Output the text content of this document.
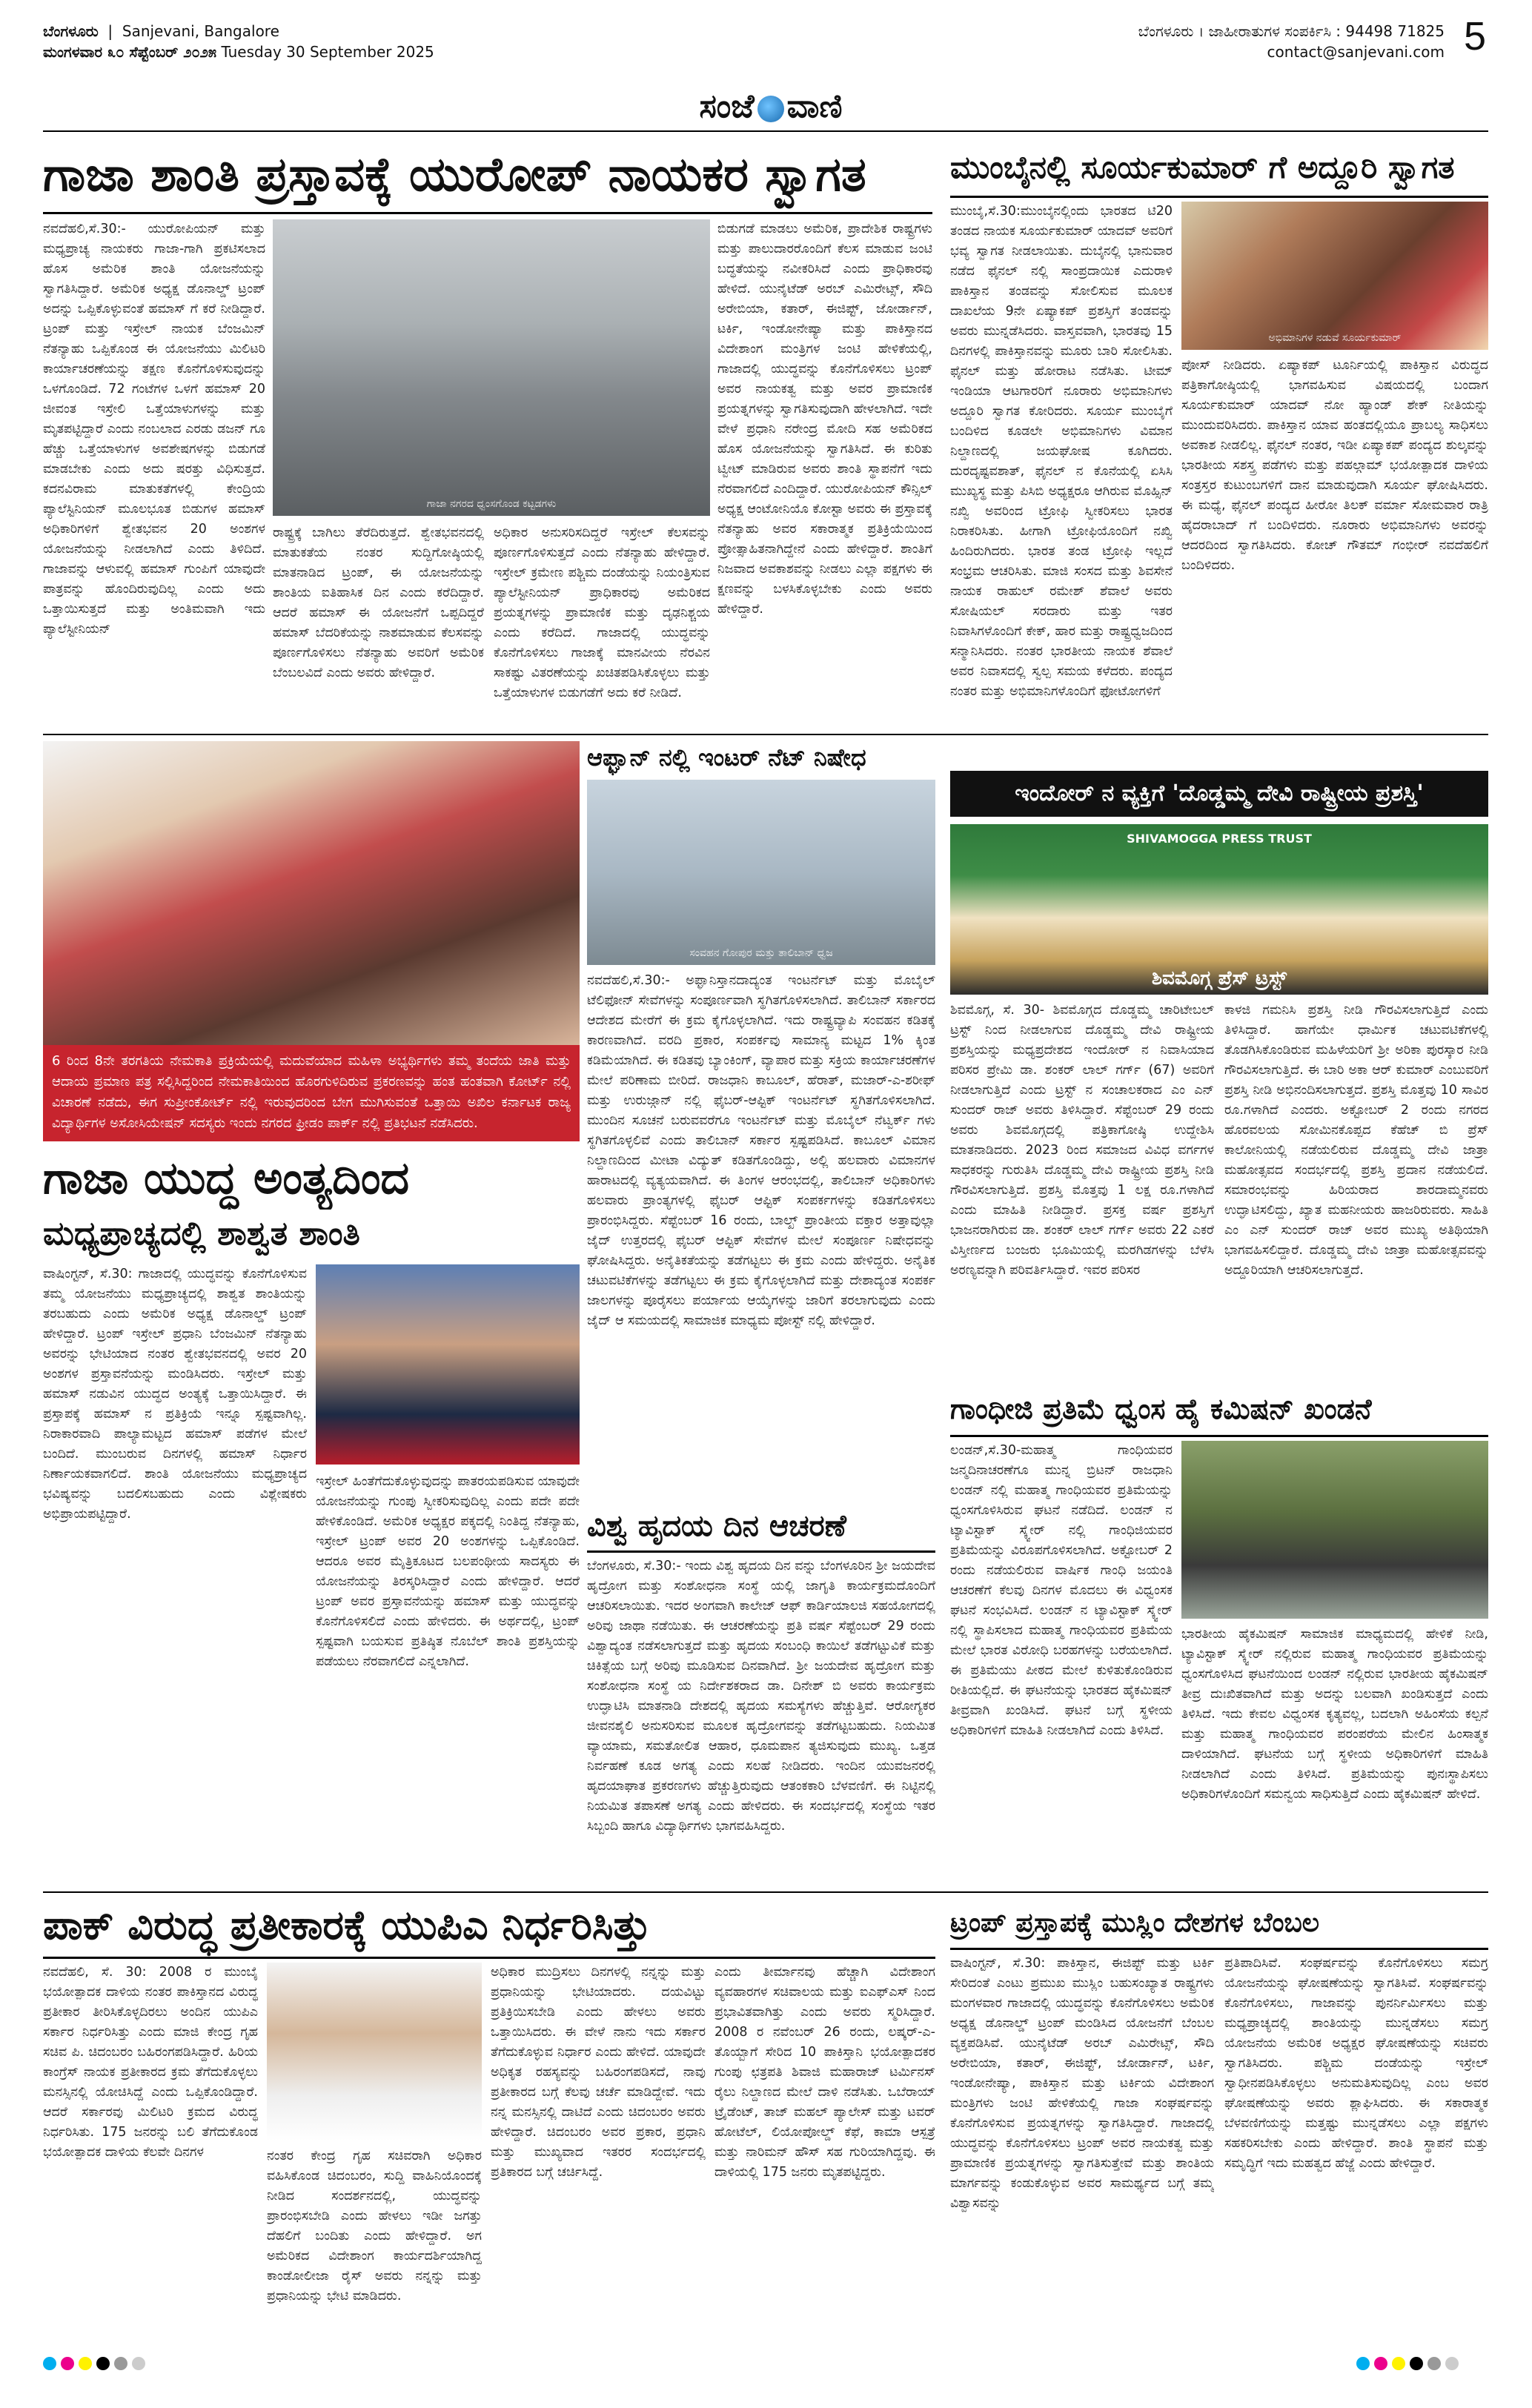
ಬೆಂಗಳೂರು  |  Sanjevani, Bangalore
ಮಂಗಳವಾರ ೩೦ ಸೆಪ್ಟೆಂಬರ್ ೨೦೨೫ Tuesday 30 September 2025
ಸಂಜೆ ವಾಣಿ
ಬೆಂಗಳೂರು । ಜಾಹೀರಾತುಗಳ ಸಂಪರ್ಕಿಸಿ : 94498 71825
contact@sanjevani.com 5
ಗಾಜಾ ಶಾಂತಿ ಪ್ರಸ್ತಾವಕ್ಕೆ ಯುರೋಪ್ ನಾಯಕರ ಸ್ವಾಗತ
ನವದೆಹಲಿ,ಸೆ.30:- ಯುರೋಪಿಯನ್ ಮತ್ತು ಮಧ್ಯಪ್ರಾಚ್ಯ ನಾಯಕರು ಗಾಜಾ-ಗಾಗಿ ಪ್ರಕಟಿಸಲಾದ ಹೊಸ ಅಮೆರಿಕ ಶಾಂತಿ ಯೋಜನೆಯನ್ನು ಸ್ವಾಗತಿಸಿದ್ದಾರೆ. ಅಮೆರಿಕ ಅಧ್ಯಕ್ಷ ಡೊನಾಲ್ಡ್ ಟ್ರಂಪ್ ಅದನ್ನು ಒಪ್ಪಿಕೊಳ್ಳುವಂತೆ ಹಮಾಸ್ ಗೆ ಕರೆ ನೀಡಿದ್ದಾರೆ. ಟ್ರಂಪ್ ಮತ್ತು ಇಸ್ರೇಲ್ ನಾಯಕ ಬೆಂಜಮಿನ್ ನೆತನ್ಯಾಹು ಒಪ್ಪಿಕೊಂಡ ಈ ಯೋಜನೆಯು ಮಿಲಿಟರಿ ಕಾರ್ಯಾಚರಣೆಯನ್ನು ತಕ್ಷಣ ಕೊನೆಗೊಳಿಸುವುದನ್ನು ಒಳಗೊಂಡಿದೆ. 72 ಗಂಟೆಗಳ ಒಳಗೆ ಹಮಾಸ್ 20 ಜೀವಂತ ಇಸ್ರೇಲಿ ಒತ್ತೆಯಾಳುಗಳನ್ನು ಮತ್ತು ಮೃತಪಟ್ಟಿದ್ದಾರೆ ಎಂದು ನಂಬಲಾದ ಎರಡು ಡಜನ್ ಗೂ ಹೆಚ್ಚು ಒತ್ತೆಯಾಳುಗಳ ಅವಶೇಷಗಳನ್ನು ಬಿಡುಗಡೆ ಮಾಡಬೇಕು ಎಂದು ಅದು ಷರತ್ತು ವಿಧಿಸುತ್ತದೆ. ಕದನವಿರಾಮ ಮಾತುಕತೆಗಳಲ್ಲಿ ಕೇಂದ್ರಿಯ ಪ್ಯಾಲೆಸ್ಟಿನಿಯನ್ ಮೂಲಭೂತ ಬಿಡುಗಳ ಹಮಾಸ್ ಅಧಿಕಾರಿಗಳಿಗೆ ಶ್ವೇತಭವನ 20 ಅಂಶಗಳ ಯೋಜನೆಯನ್ನು ನೀಡಲಾಗಿದೆ ಎಂದು ತಿಳಿದಿದೆ. ಗಾಜಾವನ್ನು ಆಳುವಲ್ಲಿ ಹಮಾಸ್ ಗುಂಪಿಗೆ ಯಾವುದೇ ಪಾತ್ರವನ್ನು ಹೊಂದಿರುವುದಿಲ್ಲ ಎಂದು ಅದು ಒತ್ತಾಯಿಸುತ್ತದೆ ಮತ್ತು ಅಂತಿಮವಾಗಿ ಇದು ಪ್ಯಾಲೆಸ್ಟೀನಿಯನ್
ಗಾಜಾ ನಗರದ ಧ್ವಂಸಗೊಂಡ ಕಟ್ಟಡಗಳು
ರಾಷ್ಟ್ರಕ್ಕೆ ಬಾಗಿಲು ತೆರೆದಿರುತ್ತದೆ. ಶ್ವೇತಭವನದಲ್ಲಿ ಮಾತುಕತೆಯ ನಂತರ ಸುದ್ದಿಗೋಷ್ಠಿಯಲ್ಲಿ ಮಾತನಾಡಿದ ಟ್ರಂಪ್, ಈ ಯೋಜನೆಯನ್ನು ಶಾಂತಿಯ ಐತಿಹಾಸಿಕ ದಿನ ಎಂದು ಕರೆದಿದ್ದಾರೆ. ಆದರೆ ಹಮಾಸ್ ಈ ಯೋಜನೆಗೆ ಒಪ್ಪದಿದ್ದರೆ ಹಮಾಸ್ ಬೆದರಿಕೆಯನ್ನು ನಾಶಮಾಡುವ ಕೆಲಸವನ್ನು ಪೂರ್ಣಗೊಳಿಸಲು ನೆತನ್ಯಾಹು ಅವರಿಗೆ ಅಮೆರಿಕ ಬೆಂಬಲವಿದೆ ಎಂದು ಅವರು ಹೇಳಿದ್ದಾರೆ.
ಅಧಿಕಾರ ಅನುಸರಿಸದಿದ್ದರೆ ಇಸ್ರೇಲ್ ಕೆಲಸವನ್ನು ಪೂರ್ಣಗೊಳಿಸುತ್ತದೆ ಎಂದು ನೆತನ್ಯಾಹು ಹೇಳಿದ್ದಾರೆ. ಇಸ್ರೇಲ್ ಕ್ರಮೇಣ ಪಶ್ಚಿಮ ದಂಡೆಯನ್ನು ನಿಯಂತ್ರಿಸುವ ಪ್ಯಾಲೆಸ್ಟೀನಿಯನ್ ಪ್ರಾಧಿಕಾರವು ಅಮೆರಿಕದ ಪ್ರಯತ್ನಗಳನ್ನು ಪ್ರಾಮಾಣಿಕ ಮತ್ತು ದೃಢನಿಶ್ಚಯ ಎಂದು ಕರೆದಿದೆ. ಗಾಜಾದಲ್ಲಿ ಯುದ್ಧವನ್ನು ಕೊನೆಗೊಳಿಸಲು ಗಾಜಾಕ್ಕೆ ಮಾನವೀಯ ನೆರವಿನ ಸಾಕಷ್ಟು ವಿತರಣೆಯನ್ನು ಖಚಿತಪಡಿಸಿಕೊಳ್ಳಲು ಮತ್ತು ಒತ್ತೆಯಾಳುಗಳ ಬಿಡುಗಡೆಗೆ ಅದು ಕರೆ ನೀಡಿದೆ.
ಬಿಡುಗಡೆ ಮಾಡಲು ಅಮೆರಿಕ, ಪ್ರಾದೇಶಿಕ ರಾಷ್ಟ್ರಗಳು ಮತ್ತು ಪಾಲುದಾರರೊಂದಿಗೆ ಕೆಲಸ ಮಾಡುವ ಜಂಟಿ ಬದ್ಧತೆಯನ್ನು ನವೀಕರಿಸಿದೆ ಎಂದು ಪ್ರಾಧಿಕಾರವು ಹೇಳಿದೆ. ಯುನೈಟೆಡ್ ಅರಬ್ ಎಮಿರೇಟ್ಸ್, ಸೌದಿ ಅರೇಬಿಯಾ, ಕತಾರ್, ಈಜಿಪ್ಟ್, ಜೋರ್ಡಾನ್, ಟರ್ಕಿ, ಇಂಡೋನೇಷ್ಯಾ ಮತ್ತು ಪಾಕಿಸ್ತಾನದ ವಿದೇಶಾಂಗ ಮಂತ್ರಿಗಳ ಜಂಟಿ ಹೇಳಿಕೆಯಲ್ಲಿ, ಗಾಜಾದಲ್ಲಿ ಯುದ್ಧವನ್ನು ಕೊನೆಗೊಳಿಸಲು ಟ್ರಂಪ್ ಅವರ ನಾಯಕತ್ವ ಮತ್ತು ಅವರ ಪ್ರಾಮಾಣಿಕ ಪ್ರಯತ್ನಗಳನ್ನು ಸ್ವಾಗತಿಸುವುದಾಗಿ ಹೇಳಲಾಗಿದೆ. ಇದೇ ವೇಳೆ ಪ್ರಧಾನಿ ನರೇಂದ್ರ ಮೋದಿ ಸಹ ಅಮೆರಿಕದ ಹೊಸ ಯೋಜನೆಯನ್ನು ಸ್ವಾಗತಿಸಿದೆ. ಈ ಕುರಿತು ಟ್ವೀಟ್ ಮಾಡಿರುವ ಅವರು ಶಾಂತಿ ಸ್ಥಾಪನೆಗೆ ಇದು ನೆರವಾಗಲಿದೆ ಎಂದಿದ್ದಾರೆ. ಯುರೋಪಿಯನ್ ಕೌನ್ಸಿಲ್ ಅಧ್ಯಕ್ಷ ಆಂಟೋನಿಯೊ ಕೋಸ್ಟಾ ಅವರು ಈ ಪ್ರಸ್ತಾವಕ್ಕೆ ನೆತನ್ಯಾಹು ಅವರ ಸಕಾರಾತ್ಮಕ ಪ್ರತಿಕ್ರಿಯೆಯಿಂದ ಪ್ರೋತ್ಸಾಹಿತನಾಗಿದ್ದೇನೆ ಎಂದು ಹೇಳಿದ್ದಾರೆ. ಶಾಂತಿಗೆ ನಿಜವಾದ ಅವಕಾಶವನ್ನು ನೀಡಲು ಎಲ್ಲಾ ಪಕ್ಷಗಳು ಈ ಕ್ಷಣವನ್ನು ಬಳಸಿಕೊಳ್ಳಬೇಕು ಎಂದು ಅವರು ಹೇಳಿದ್ದಾರೆ.
ಮುಂಬೈನಲ್ಲಿ ಸೂರ್ಯಕುಮಾರ್ ಗೆ ಅದ್ದೂರಿ ಸ್ವಾಗತ
ಮುಂಬೈ,ಸೆ.30:ಮುಂಬೈನಲ್ಲಿಂದು ಭಾರತದ ಟಿ20 ತಂಡದ ನಾಯಕ ಸೂರ್ಯಕುಮಾರ್ ಯಾದವ್ ಅವರಿಗೆ ಭವ್ಯ ಸ್ವಾಗತ ನೀಡಲಾಯಿತು. ದುಬೈನಲ್ಲಿ ಭಾನುವಾರ ನಡೆದ ಫೈನಲ್ ನಲ್ಲಿ ಸಾಂಪ್ರದಾಯಿಕ ಎದುರಾಳಿ ಪಾಕಿಸ್ತಾನ ತಂಡವನ್ನು ಸೋಲಿಸುವ ಮೂಲಕ ದಾಖಲೆಯ 9ನೇ ಏಷ್ಯಾಕಪ್ ಪ್ರಶಸ್ತಿಗೆ ತಂಡವನ್ನು ಅವರು ಮುನ್ನಡೆಸಿದರು. ವಾಸ್ತವವಾಗಿ, ಭಾರತವು 15 ದಿನಗಳಲ್ಲಿ ಪಾಕಿಸ್ತಾನವನ್ನು ಮೂರು ಬಾರಿ ಸೋಲಿಸಿತು. ಫೈನಲ್ ಮತ್ತು ಹೋರಾಟ ನಡೆಸಿತು. ಟೀಮ್ ಇಂಡಿಯಾ ಆಟಗಾರರಿಗೆ ನೂರಾರು ಅಭಿಮಾನಿಗಳು ಅದ್ದೂರಿ ಸ್ವಾಗತ ಕೋರಿದರು. ಸೂರ್ಯ ಮುಂಬೈಗೆ ಬಂದಿಳಿದ ಕೂಡಲೇ ಅಭಿಮಾನಿಗಳು ವಿಮಾನ ನಿಲ್ದಾಣದಲ್ಲಿ ಜಯಘೋಷ ಕೂಗಿದರು. ದುರದೃಷ್ಟವಶಾತ್, ಫೈನಲ್ ನ ಕೊನೆಯಲ್ಲಿ ಏಸಿಸಿ ಮುಖ್ಯಸ್ಥ ಮತ್ತು ಪಿಸಿಬಿ ಅಧ್ಯಕ್ಷರೂ ಆಗಿರುವ ಮೊಹ್ಸಿನ್ ನಖ್ವಿ ಅವರಿಂದ ಟ್ರೋಫಿ ಸ್ವೀಕರಿಸಲು ಭಾರತ ನಿರಾಕರಿಸಿತು. ಹೀಗಾಗಿ ಟ್ರೋಫಿಯೊಂದಿಗೆ ನಖ್ವಿ ಹಿಂದಿರುಗಿದರು. ಭಾರತ ತಂಡ ಟ್ರೋಫಿ ಇಲ್ಲದೆ ಸಂಭ್ರಮ ಆಚರಿಸಿತು. ಮಾಜಿ ಸಂಸದ ಮತ್ತು ಶಿವಸೇನೆ ನಾಯಕ ರಾಹುಲ್ ರಮೇಶ್ ಶೆವಾಲೆ ಅವರು ಸೋಷಿಯಲ್ ಸರದಾರು ಮತ್ತು ಇತರ ನಿವಾಸಿಗಳೊಂದಿಗೆ ಕೇಕ್, ಹಾರ ಮತ್ತು ರಾಷ್ಟ್ರಧ್ವಜದಿಂದ ಸನ್ಮಾನಿಸಿದರು. ನಂತರ ಭಾರತೀಯ ನಾಯಕ ಶೆವಾಲೆ ಅವರ ನಿವಾಸದಲ್ಲಿ ಸ್ವಲ್ಪ ಸಮಯ ಕಳೆದರು. ಪಂದ್ಯದ ನಂತರ ಮತ್ತು ಅಭಿಮಾನಿಗಳೊಂದಿಗೆ ಫೋಟೋಗಳಿಗೆ
ಅಭಿಮಾನಿಗಳ ನಡುವೆ ಸೂರ್ಯಕುಮಾರ್
ಪೋಸ್ ನೀಡಿದರು. ಏಷ್ಯಾಕಪ್ ಟೂರ್ನಿಯಲ್ಲಿ ಪಾಕಿಸ್ತಾನ ವಿರುದ್ಧದ ಪತ್ರಿಕಾಗೋಷ್ಠಿಯಲ್ಲಿ ಭಾಗವಹಿಸುವ ವಿಷಯದಲ್ಲಿ ಬಂದಾಗ ಸೂರ್ಯಕುಮಾರ್ ಯಾದವ್ ನೋ ಹ್ಯಾಂಡ್ ಶೇಕ್ ನೀತಿಯನ್ನು ಮುಂದುವರಿಸಿದರು. ಪಾಕಿಸ್ತಾನ ಯಾವ ಹಂತದಲ್ಲಿಯೂ ಪ್ರಾಬಲ್ಯ ಸಾಧಿಸಲು ಅವಕಾಶ ನೀಡಲಿಲ್ಲ. ಫೈನಲ್ ನಂತರ, ಇಡೀ ಏಷ್ಯಾಕಪ್ ಪಂದ್ಯದ ಶುಲ್ಕವನ್ನು ಭಾರತೀಯ ಸಶಸ್ತ್ರ ಪಡೆಗಳು ಮತ್ತು ಪಹಲ್ಗಾಮ್ ಭಯೋತ್ಪಾದಕ ದಾಳಿಯ ಸಂತ್ರಸ್ತರ ಕುಟುಂಬಗಳಿಗೆ ದಾನ ಮಾಡುವುದಾಗಿ ಸೂರ್ಯ ಘೋಷಿಸಿದರು. ಈ ಮಧ್ಯೆ, ಫೈನಲ್ ಪಂದ್ಯದ ಹೀರೋ ತಿಲಕ್ ವರ್ಮಾ ಸೋಮವಾರ ರಾತ್ರಿ ಹೈದರಾಬಾದ್ ಗೆ ಬಂದಿಳಿದರು. ನೂರಾರು ಅಭಿಮಾನಿಗಳು ಅವರನ್ನು ಆದರದಿಂದ ಸ್ವಾಗತಿಸಿದರು. ಕೋಚ್ ಗೌತಮ್ ಗಂಭೀರ್ ನವದೆಹಲಿಗೆ ಬಂದಿಳಿದರು.
6 ರಿಂದ 8ನೇ ತರಗತಿಯ ನೇಮಕಾತಿ ಪ್ರಕ್ರಿಯೆಯಲ್ಲಿ ಮದುವೆಯಾದ ಮಹಿಳಾ ಅಭ್ಯರ್ಥಿಗಳು ತಮ್ಮ ತಂದೆಯ ಜಾತಿ ಮತ್ತು ಆದಾಯ ಪ್ರಮಾಣ ಪತ್ರ ಸಲ್ಲಿಸಿದ್ದರಿಂದ ನೇಮಕಾತಿಯಿಂದ ಹೊರಗುಳಿದಿರುವ ಪ್ರಕರಣವನ್ನು ಹಂತ ಹಂತವಾಗಿ ಕೋರ್ಟ್ ನಲ್ಲಿ ವಿಚಾರಣೆ ನಡೆದು, ಈಗ ಸುಪ್ರೀಂಕೋರ್ಟ್ ನಲ್ಲಿ ಇರುವುದರಿಂದ ಬೇಗ ಮುಗಿಸುವಂತೆ ಒತ್ತಾಯಿ ಅಖಿಲ ಕರ್ನಾಟಕ ರಾಜ್ಯ ವಿದ್ಯಾರ್ಥಿಗಳ ಅಸೋಸಿಯೇಷನ್ ಸದಸ್ಯರು ಇಂದು ನಗರದ ಫ್ರೀಡಂ ಪಾರ್ಕ್ ನಲ್ಲಿ ಪ್ರತಿಭಟನೆ ನಡೆಸಿದರು.
ಆಫ್ಘಾನ್ ನಲ್ಲಿ ಇಂಟರ್ ನೆಟ್ ನಿಷೇಧ
ಸಂವಹನ ಗೋಪುರ ಮತ್ತು ತಾಲಿಬಾನ್ ಧ್ವಜ
ನವದೆಹಲಿ,ಸೆ.30:- ಅಫ್ಘಾನಿಸ್ತಾನದಾದ್ಯಂತ ಇಂಟರ್ನೆಟ್ ಮತ್ತು ಮೊಬೈಲ್ ಟೆಲಿಫೋನ್ ಸೇವೆಗಳನ್ನು ಸಂಪೂರ್ಣವಾಗಿ ಸ್ಥಗಿತಗೊಳಿಸಲಾಗಿದೆ. ತಾಲಿಬಾನ್ ಸರ್ಕಾರದ ಆದೇಶದ ಮೇರೆಗೆ ಈ ಕ್ರಮ ಕೈಗೊಳ್ಳಲಾಗಿದೆ. ಇದು ರಾಷ್ಟ್ರವ್ಯಾಪಿ ಸಂವಹನ ಕಡಿತಕ್ಕೆ ಕಾರಣವಾಗಿದೆ. ವರದಿ ಪ್ರಕಾರ, ಸಂಪರ್ಕವು ಸಾಮಾನ್ಯ ಮಟ್ಟದ 1% ಕ್ಕಿಂತ ಕಡಿಮೆಯಾಗಿದೆ. ಈ ಕಡಿತವು ಬ್ಯಾಂಕಿಂಗ್, ವ್ಯಾಪಾರ ಮತ್ತು ಸಕ್ರಿಯ ಕಾರ್ಯಾಚರಣೆಗಳ ಮೇಲೆ ಪರಿಣಾಮ ಬೀರಿದೆ. ರಾಜಧಾನಿ ಕಾಬೂಲ್, ಹೆರಾತ್, ಮಜಾರ್-ಎ-ಶರೀಫ್ ಮತ್ತು ಉರುಜ್ಗಾನ್ ನಲ್ಲಿ ಫೈಬರ್-ಆಪ್ಟಿಕ್ ಇಂಟರ್ನೆಟ್ ಸ್ಥಗಿತಗೊಳಿಸಲಾಗಿದೆ. ಮುಂದಿನ ಸೂಚನೆ ಬರುವವರೆಗೂ ಇಂಟರ್ನೆಟ್ ಮತ್ತು ಮೊಬೈಲ್ ನೆಟ್ವರ್ಕ್ ಗಳು ಸ್ಥಗಿತಗೊಳ್ಳಲಿವೆ ಎಂದು ತಾಲಿಬಾನ್ ಸರ್ಕಾರ ಸ್ಪಷ್ಟಪಡಿಸಿದೆ. ಕಾಬೂಲ್ ವಿಮಾನ ನಿಲ್ದಾಣದಿಂದ ಮೀಟಾ ವಿದ್ಯುತ್ ಕಡಿತಗೊಂಡಿದ್ದು, ಅಲ್ಲಿ ಹಲವಾರು ವಿಮಾನಗಳ ಹಾರಾಟದಲ್ಲಿ ವ್ಯತ್ಯಯವಾಗಿದೆ. ಈ ತಿಂಗಳ ಆರಂಭದಲ್ಲಿ, ತಾಲಿಬಾನ್ ಅಧಿಕಾರಿಗಳು ಹಲವಾರು ಪ್ರಾಂತ್ಯಗಳಲ್ಲಿ ಫೈಬರ್ ಆಪ್ಟಿಕ್ ಸಂಪರ್ಕಗಳನ್ನು ಕಡಿತಗೊಳಿಸಲು ಪ್ರಾರಂಭಿಸಿದ್ದರು. ಸೆಪ್ಟೆಂಬರ್ 16 ರಂದು, ಬಾಲ್ಖ್ ಪ್ರಾಂತೀಯ ವಕ್ತಾರ ಅತ್ತಾವುಲ್ಲಾ ಜೈದ್ ಉತ್ತರದಲ್ಲಿ ಫೈಬರ್ ಆಪ್ಟಿಕ್ ಸೇವೆಗಳ ಮೇಲೆ ಸಂಪೂರ್ಣ ನಿಷೇಧವನ್ನು ಘೋಷಿಸಿದ್ದರು. ಅನೈತಿಕತೆಯನ್ನು ತಡೆಗಟ್ಟಲು ಈ ಕ್ರಮ ಎಂದು ಹೇಳಿದ್ದರು. ಅನೈತಿಕ ಚಟುವಟಿಕೆಗಳನ್ನು ತಡೆಗಟ್ಟಲು ಈ ಕ್ರಮ ಕೈಗೊಳ್ಳಲಾಗಿದೆ ಮತ್ತು ದೇಶಾದ್ಯಂತ ಸಂಪರ್ಕ ಜಾಲಗಳನ್ನು ಪೂರೈಸಲು ಪರ್ಯಾಯ ಆಯ್ಕೆಗಳನ್ನು ಜಾರಿಗೆ ತರಲಾಗುವುದು ಎಂದು ಜೈದ್ ಆ ಸಮಯದಲ್ಲಿ ಸಾಮಾಜಿಕ ಮಾಧ್ಯಮ ಪೋಸ್ಟ್ ನಲ್ಲಿ ಹೇಳಿದ್ದಾರೆ.
ಇಂದೋರ್ ನ ವ್ಯಕ್ತಿಗೆ 'ದೊಡ್ಡಮ್ಮ ದೇವಿ ರಾಷ್ಟ್ರೀಯ ಪ್ರಶಸ್ತಿ'
SHIVAMOGGA PRESS TRUST
ಶಿವಮೊಗ್ಗ ಪ್ರೆಸ್ ಟ್ರಸ್ಟ್
ಶಿವಮೊಗ್ಗ, ಸೆ. 30- ಶಿವಮೊಗ್ಗದ ದೊಡ್ಡಮ್ಮ ಚಾರಿಟೇಬಲ್ ಟ್ರಸ್ಟ್ ನಿಂದ ನೀಡಲಾಗುವ ದೊಡ್ಡಮ್ಮ ದೇವಿ ರಾಷ್ಟ್ರೀಯ ಪ್ರಶಸ್ತಿಯನ್ನು ಮಧ್ಯಪ್ರದೇಶದ ಇಂದೋರ್ ನ ನಿವಾಸಿಯಾದ ಪರಿಸರ ಪ್ರೇಮಿ ಡಾ. ಶಂಕರ್ ಲಾಲ್ ಗರ್ಗ್ (67) ಅವರಿಗೆ ನೀಡಲಾಗುತ್ತಿದೆ ಎಂದು ಟ್ರಸ್ಟ್ ನ ಸಂಚಾಲಕರಾದ ಎಂ ಎನ್ ಸುಂದರ್ ರಾಜ್ ಅವರು ತಿಳಿಸಿದ್ದಾರೆ. ಸೆಪ್ಟೆಂಬರ್ 29 ರಂದು ಅವರು ಶಿವಮೊಗ್ಗದಲ್ಲಿ ಪತ್ರಿಕಾಗೋಷ್ಠಿ ಉದ್ದೇಶಿಸಿ ಮಾತನಾಡಿದರು. 2023 ರಿಂದ ಸಮಾಜದ ವಿವಿಧ ವರ್ಗಗಳ ಸಾಧಕರನ್ನು ಗುರುತಿಸಿ ದೊಡ್ಡಮ್ಮ ದೇವಿ ರಾಷ್ಟ್ರೀಯ ಪ್ರಶಸ್ತಿ ನೀಡಿ ಗೌರವಿಸಲಾಗುತ್ತಿದೆ. ಪ್ರಶಸ್ತಿ ಮೊತ್ತವು 1 ಲಕ್ಷ ರೂ.ಗಳಾಗಿದೆ ಎಂದು ಮಾಹಿತಿ ನೀಡಿದ್ದಾರೆ. ಪ್ರಸಕ್ತ ವರ್ಷ ಪ್ರಶಸ್ತಿಗೆ ಭಾಜನರಾಗಿರುವ ಡಾ. ಶಂಕರ್ ಲಾಲ್ ಗರ್ಗ್ ಅವರು 22 ಎಕರೆ ವಿಸ್ತೀರ್ಣದ ಬಂಜರು ಭೂಮಿಯಲ್ಲಿ ಮರಗಿಡಗಳನ್ನು ಬೆಳೆಸಿ ಅರಣ್ಯವನ್ನಾಗಿ ಪರಿವರ್ತಿಸಿದ್ದಾರೆ. ಇವರ ಪರಿಸರ
ಕಾಳಜಿ ಗಮನಿಸಿ ಪ್ರಶಸ್ತಿ ನೀಡಿ ಗೌರವಿಸಲಾಗುತ್ತಿದೆ ಎಂದು ತಿಳಿಸಿದ್ದಾರೆ. ಹಾಗೆಯೇ ಧಾರ್ಮಿಕ ಚಟುವಟಿಕೆಗಳಲ್ಲಿ ತೊಡಗಿಸಿಕೊಂಡಿರುವ ಮಹಿಳೆಯರಿಗೆ ಶ್ರೀ ಅರಿಕಾ ಪುರಸ್ಕಾರ ನೀಡಿ ಗೌರವಿಸಲಾಗುತ್ತಿದೆ. ಈ ಬಾರಿ ಅಕಾ ಆರ್ ಕುಮಾರ್ ಎಂಬುವರಿಗೆ ಪ್ರಶಸ್ತಿ ನೀಡಿ ಅಭಿನಂದಿಸಲಾಗುತ್ತದೆ. ಪ್ರಶಸ್ತಿ ಮೊತ್ತವು 10 ಸಾವಿರ ರೂ.ಗಳಾಗಿದೆ ಎಂದರು. ಅಕ್ಟೋಬರ್ 2 ರಂದು ನಗರದ ಹೊರವಲಯ ಸೋಮಿನಕೊಪ್ಪದ ಕೆಹೆಚ್ ಬಿ ಪ್ರೆಸ್ ಕಾಲೋನಿಯಲ್ಲಿ ನಡೆಯಲಿರುವ ದೊಡ್ಡಮ್ಮ ದೇವಿ ಜಾತ್ರಾ ಮಹೋತ್ಸವದ ಸಂದರ್ಭದಲ್ಲಿ ಪ್ರಶಸ್ತಿ ಪ್ರದಾನ ನಡೆಯಲಿದೆ. ಸಮಾರಂಭವನ್ನು ಹಿರಿಯರಾದ ಶಾರದಾಮ್ಮನವರು ಉದ್ಘಾಟಿಸಲಿದ್ದು, ಖ್ಯಾತ ಮಹನೀಯರು ಹಾಜರಿರುವರು. ಸಾಹಿತಿ ಎಂ ಎನ್ ಸುಂದರ್ ರಾಜ್ ಅವರ ಮುಖ್ಯ ಅತಿಥಿಯಾಗಿ ಭಾಗವಹಿಸಲಿದ್ದಾರೆ. ದೊಡ್ಡಮ್ಮ ದೇವಿ ಜಾತ್ರಾ ಮಹೋತ್ಸವವನ್ನು ಅದ್ದೂರಿಯಾಗಿ ಆಚರಿಸಲಾಗುತ್ತದೆ.
ಗಾಜಾ ಯುದ್ಧ ಅಂತ್ಯದಿಂದ
ಮಧ್ಯಪ್ರಾಚ್ಯದಲ್ಲಿ ಶಾಶ್ವತ ಶಾಂತಿ
ವಾಷಿಂಗ್ಟನ್, ಸೆ.30: ಗಾಜಾದಲ್ಲಿ ಯುದ್ಧವನ್ನು ಕೊನೆಗೊಳಿಸುವ ತಮ್ಮ ಯೋಜನೆಯು ಮಧ್ಯಪ್ರಾಚ್ಯದಲ್ಲಿ ಶಾಶ್ವತ ಶಾಂತಿಯನ್ನು ತರಬಹುದು ಎಂದು ಅಮೆರಿಕ ಅಧ್ಯಕ್ಷ ಡೊನಾಲ್ಡ್ ಟ್ರಂಪ್ ಹೇಳಿದ್ದಾರೆ. ಟ್ರಂಪ್ ಇಸ್ರೇಲ್ ಪ್ರಧಾನಿ ಬೆಂಜಮಿನ್ ನೆತನ್ಯಾಹು ಅವರನ್ನು ಭೇಟಿಯಾದ ನಂತರ ಶ್ವೇತಭವನದಲ್ಲಿ ಅವರ 20 ಅಂಶಗಳ ಪ್ರಸ್ತಾವನೆಯನ್ನು ಮಂಡಿಸಿದರು. ಇಸ್ರೇಲ್ ಮತ್ತು ಹಮಾಸ್ ನಡುವಿನ ಯುದ್ಧದ ಅಂತ್ಯಕ್ಕೆ ಒತ್ತಾಯಿಸಿದ್ದಾರೆ. ಈ ಪ್ರಸ್ತಾಪಕ್ಕೆ ಹಮಾಸ್ ನ ಪ್ರತಿಕ್ರಿಯೆ ಇನ್ನೂ ಸ್ಪಷ್ಟವಾಗಿಲ್ಲ. ನಿರಾಕಾರವಾದಿ ಪಾಲ್ಯಾಮಟ್ಟದ ಹಮಾಸ್ ಪಡೆಗಳ ಮೇಲೆ ಬಂದಿದೆ. ಮುಂಬರುವ ದಿನಗಳಲ್ಲಿ ಹಮಾಸ್ ನಿರ್ಧಾರ ನಿರ್ಣಾಯಕವಾಗಲಿದೆ. ಶಾಂತಿ ಯೋಜನೆಯು ಮಧ್ಯಪ್ರಾಚ್ಯದ ಭವಿಷ್ಯವನ್ನು ಬದಲಿಸಬಹುದು ಎಂದು ವಿಶ್ಲೇಷಕರು ಅಭಿಪ್ರಾಯಪಟ್ಟಿದ್ದಾರೆ.
ಇಸ್ರೇಲ್ ಹಿಂತೆಗೆದುಕೊಳ್ಳುವುದನ್ನು ಪಾತರಯಪಡಿಸುವ ಯಾವುದೇ ಯೋಜನೆಯನ್ನು ಗುಂಪು ಸ್ವೀಕರಿಸುವುದಿಲ್ಲ ಎಂದು ಪದೇ ಪದೇ ಹೇಳಿಕೊಂಡಿದೆ. ಅಮೆರಿಕ ಅಧ್ಯಕ್ಷರ ಪಕ್ಕದಲ್ಲಿ ನಿಂತಿದ್ದ ನೆತನ್ಯಾಹು, ಇಸ್ರೇಲ್ ಟ್ರಂಪ್ ಅವರ 20 ಅಂಶಗಳನ್ನು ಒಪ್ಪಿಕೊಂಡಿದೆ. ಆದರೂ ಅವರ ಮೈತ್ರಿಕೂಟದ ಬಲಪಂಥೀಯ ಸಾದಸ್ಯರು ಈ ಯೋಜನೆಯನ್ನು ತಿರಸ್ಕರಿಸಿದ್ದಾರೆ ಎಂದು ಹೇಳಿದ್ದಾರೆ. ಆದರೆ ಟ್ರಂಪ್ ಅವರ ಪ್ರಸ್ತಾವನೆಯನ್ನು ಹಮಾಸ್ ಮತ್ತು ಯುದ್ಧವನ್ನು ಕೊನೆಗೊಳಿಸಲಿದೆ ಎಂದು ಹೇಳಿದರು. ಈ ಅರ್ಥದಲ್ಲಿ, ಟ್ರಂಪ್ ಸ್ಪಷ್ಟವಾಗಿ ಬಯಸುವ ಪ್ರತಿಷ್ಠಿತ ನೊಬೆಲ್ ಶಾಂತಿ ಪ್ರಶಸ್ತಿಯನ್ನು ಪಡೆಯಲು ನೆರವಾಗಲಿದೆ ಎನ್ನಲಾಗಿದೆ.
ವಿಶ್ವ ಹೃದಯ ದಿನ ಆಚರಣೆ
ಬೆಂಗಳೂರು, ಸೆ.30:- ಇಂದು ವಿಶ್ವ ಹೃದಯ ದಿನ ವನ್ನು ಬೆಂಗಳೂರಿನ ಶ್ರೀ ಜಯದೇವ ಹೃದ್ರೋಗ ಮತ್ತು ಸಂಶೋಧನಾ ಸಂಸ್ಥೆ ಯಲ್ಲಿ ಜಾಗೃತಿ ಕಾರ್ಯಕ್ರಮದೊಂದಿಗೆ ಆಚರಿಸಲಾಯಿತು. ಇದರ ಅಂಗವಾಗಿ ಕಾಲೇಜ್ ಆಫ್ ಕಾರ್ಡಿಯಾಲಜಿ ಸಹಯೋಗದಲ್ಲಿ ಅರಿವು ಜಾಥಾ ನಡೆಯಿತು. ಈ ಆಚರಣೆಯನ್ನು ಪ್ರತಿ ವರ್ಷ ಸೆಪ್ಟೆಂಬರ್ 29 ರಂದು ವಿಶ್ವಾದ್ಯಂತ ನಡೆಸಲಾಗುತ್ತದೆ ಮತ್ತು ಹೃದಯ ಸಂಬಂಧಿ ಕಾಯಿಲೆ ತಡೆಗಟ್ಟುವಿಕೆ ಮತ್ತು ಚಿಕಿತ್ಸೆಯ ಬಗ್ಗೆ ಅರಿವು ಮೂಡಿಸುವ ದಿನವಾಗಿದೆ. ಶ್ರೀ ಜಯದೇವ ಹೃದ್ರೋಗ ಮತ್ತು ಸಂಶೋಧನಾ ಸಂಸ್ಥೆ ಯ ನಿರ್ದೇಶಕರಾದ ಡಾ. ದಿನೇಶ್ ಬಿ ಅವರು ಕಾರ್ಯಕ್ರಮ ಉದ್ಘಾಟಿಸಿ ಮಾತನಾಡಿ ದೇಶದಲ್ಲಿ ಹೃದಯ ಸಮಸ್ಯೆಗಳು ಹೆಚ್ಚುತ್ತಿವೆ. ಆರೋಗ್ಯಕರ ಜೀವನಶೈಲಿ ಅನುಸರಿಸುವ ಮೂಲಕ ಹೃದ್ರೋಗವನ್ನು ತಡೆಗಟ್ಟಬಹುದು. ನಿಯಮಿತ ವ್ಯಾಯಾಮ, ಸಮತೋಲಿತ ಆಹಾರ, ಧೂಮಪಾನ ತ್ಯಜಿಸುವುದು ಮುಖ್ಯ. ಒತ್ತಡ ನಿರ್ವಹಣೆ ಕೂಡ ಅಗತ್ಯ ಎಂದು ಸಲಹೆ ನೀಡಿದರು. ಇಂದಿನ ಯುವಜನರಲ್ಲಿ ಹೃದಯಾಘಾತ ಪ್ರಕರಣಗಳು ಹೆಚ್ಚುತ್ತಿರುವುದು ಆತಂಕಕಾರಿ ಬೆಳವಣಿಗೆ. ಈ ನಿಟ್ಟಿನಲ್ಲಿ ನಿಯಮಿತ ತಪಾಸಣೆ ಅಗತ್ಯ ಎಂದು ಹೇಳಿದರು. ಈ ಸಂದರ್ಭದಲ್ಲಿ ಸಂಸ್ಥೆಯ ಇತರ ಸಿಬ್ಬಂದಿ ಹಾಗೂ ವಿದ್ಯಾರ್ಥಿಗಳು ಭಾಗವಹಿಸಿದ್ದರು.
ಗಾಂಧೀಜಿ ಪ್ರತಿಮೆ ಧ್ವಂಸ ಹೈ ಕಮಿಷನ್ ಖಂಡನೆ
ಲಂಡನ್,ಸೆ.30-ಮಹಾತ್ಮ ಗಾಂಧಿಯವರ ಜನ್ಮದಿನಾಚರಣೆಗೂ ಮುನ್ನ ಬ್ರಿಟನ್ ರಾಜಧಾನಿ ಲಂಡನ್ ನಲ್ಲಿ ಮಹಾತ್ಮ ಗಾಂಧಿಯವರ ಪ್ರತಿಮೆಯನ್ನು ಧ್ವಂಸಗೊಳಿಸಿರುವ ಘಟನೆ ನಡೆದಿದೆ. ಲಂಡನ್ ನ ಟ್ಯಾವಿಸ್ಟಾಕ್ ಸ್ಕ್ವೇರ್ ನಲ್ಲಿ ಗಾಂಧಿಜಿಯವರ ಪ್ರತಿಮೆಯನ್ನು ವಿರೂಪಗೊಳಿಸಲಾಗಿದೆ. ಅಕ್ಟೋಬರ್ 2 ರಂದು ನಡೆಯಲಿರುವ ವಾರ್ಷಿಕ ಗಾಂಧಿ ಜಯಂತಿ ಆಚರಣೆಗೆ ಕೆಲವು ದಿನಗಳ ಮೊದಲು ಈ ವಿಧ್ವಂಸಕ ಘಟನೆ ಸಂಭವಿಸಿದೆ. ಲಂಡನ್ ನ ಟ್ಯಾವಿಸ್ಟಾಕ್ ಸ್ಕ್ವೇರ್ ನಲ್ಲಿ ಸ್ಥಾಪಿಸಲಾದ ಮಹಾತ್ಮ ಗಾಂಧಿಯವರ ಪ್ರತಿಮೆಯ ಮೇಲೆ ಭಾರತ ವಿರೋಧಿ ಬರಹಗಳನ್ನು ಬರೆಯಲಾಗಿದೆ. ಈ ಪ್ರತಿಮೆಯು ಪೀಠದ ಮೇಲೆ ಕುಳಿತುಕೊಂಡಿರುವ ರೀತಿಯಲ್ಲಿದೆ. ಈ ಘಟನೆಯನ್ನು ಭಾರತದ ಹೈಕಮಿಷನ್ ತೀವ್ರವಾಗಿ ಖಂಡಿಸಿದೆ. ಘಟನೆ ಬಗ್ಗೆ ಸ್ಥಳೀಯ ಅಧಿಕಾರಿಗಳಿಗೆ ಮಾಹಿತಿ ನೀಡಲಾಗಿದೆ ಎಂದು ತಿಳಿಸಿದೆ.
ಭಾರತೀಯ ಹೈಕಮಿಷನ್ ಸಾಮಾಜಿಕ ಮಾಧ್ಯಮದಲ್ಲಿ ಹೇಳಿಕೆ ನೀಡಿ, ಟ್ಯಾವಿಸ್ಟಾಕ್ ಸ್ಕ್ವೇರ್ ನಲ್ಲಿರುವ ಮಹಾತ್ಮ ಗಾಂಧಿಯವರ ಪ್ರತಿಮೆಯನ್ನು ಧ್ವಂಸಗೊಳಿಸಿದ ಘಟನೆಯಿಂದ ಲಂಡನ್ ನಲ್ಲಿರುವ ಭಾರತೀಯ ಹೈಕಮಿಷನ್ ತೀವ್ರ ದುಃಖಿತವಾಗಿದೆ ಮತ್ತು ಅದನ್ನು ಬಲವಾಗಿ ಖಂಡಿಸುತ್ತದೆ ಎಂದು ತಿಳಿಸಿದೆ. ಇದು ಕೇವಲ ವಿಧ್ವಂಸಕ ಕೃತ್ಯವಲ್ಲ, ಬದಲಾಗಿ ಅಹಿಂಸೆಯ ಕಲ್ಪನೆ ಮತ್ತು ಮಹಾತ್ಮ ಗಾಂಧಿಯವರ ಪರಂಪರೆಯ ಮೇಲಿನ ಹಿಂಸಾತ್ಮಕ ದಾಳಿಯಾಗಿದೆ. ಘಟನೆಯ ಬಗ್ಗೆ ಸ್ಥಳೀಯ ಅಧಿಕಾರಿಗಳಿಗೆ ಮಾಹಿತಿ ನೀಡಲಾಗಿದೆ ಎಂದು ತಿಳಿಸಿದೆ. ಪ್ರತಿಮೆಯನ್ನು ಪುನಃಸ್ಥಾಪಿಸಲು ಅಧಿಕಾರಿಗಳೊಂದಿಗೆ ಸಮನ್ವಯ ಸಾಧಿಸುತ್ತಿದೆ ಎಂದು ಹೈಕಮಿಷನ್ ಹೇಳಿದೆ.
ಪಾಕ್ ವಿರುದ್ಧ ಪ್ರತೀಕಾರಕ್ಕೆ ಯುಪಿಎ ನಿರ್ಧರಿಸಿತ್ತು
ನವದೆಹಲಿ, ಸೆ. 30: 2008 ರ ಮುಂಬೈ ಭಯೋತ್ಪಾದಕ ದಾಳಿಯ ನಂತರ ಪಾಕಿಸ್ತಾನದ ವಿರುದ್ಧ ಪ್ರತೀಕಾರ ತೀರಿಸಿಕೊಳ್ಳದಿರಲು ಅಂದಿನ ಯುಪಿಎ ಸರ್ಕಾರ ನಿರ್ಧರಿಸಿತ್ತು ಎಂದು ಮಾಜಿ ಕೇಂದ್ರ ಗೃಹ ಸಚಿವ ಪಿ. ಚಿದಂಬರಂ ಬಹಿರಂಗಪಡಿಸಿದ್ದಾರೆ. ಹಿರಿಯ ಕಾಂಗ್ರೆಸ್ ನಾಯಕ ಪ್ರತೀಕಾರದ ಕ್ರಮ ತೆಗೆದುಕೊಳ್ಳಲು ಮನಸ್ಸಿನಲ್ಲಿ ಯೋಚಿಸಿದ್ದೆ ಎಂದು ಒಪ್ಪಿಕೊಂಡಿದ್ದಾರೆ. ಆದರೆ ಸರ್ಕಾರವು ಮಿಲಿಟರಿ ಕ್ರಮದ ವಿರುದ್ಧ ನಿರ್ಧರಿಸಿತು. 175 ಜನರನ್ನು ಬಲಿ ತೆಗೆದುಕೊಂಡ ಭಯೋತ್ಪಾದಕ ದಾಳಿಯ ಕೆಲವೇ ದಿನಗಳ	ನಂತರ ಕೇಂದ್ರ ಗೃಹ ಸಚಿವರಾಗಿ ಅಧಿಕಾರ ವಹಿಸಿಕೊಂಡ ಚಿದಂಬರಂ, ಸುದ್ದಿ ವಾಹಿನಿಯೊಂದಕ್ಕೆ ನೀಡಿದ ಸಂದರ್ಶನದಲ್ಲಿ, ಯುದ್ಧವನ್ನು ಪ್ರಾರಂಭಿಸಬೇಡಿ ಎಂದು ಹೇಳಲು ಇಡೀ ಜಗತ್ತು ದೆಹಲಿಗೆ ಬಂದಿತು ಎಂದು ಹೇಳಿದ್ದಾರೆ. ಅಗ ಅಮೆರಿಕದ ವಿದೇಶಾಂಗ ಕಾರ್ಯದರ್ಶಿಯಾಗಿದ್ದ ಕಾಂಡೋಲೀಜಾ ರೈಸ್ ಅವರು ನನ್ನನ್ನು ಮತ್ತು ಪ್ರಧಾನಿಯನ್ನು ಭೇಟಿ ಮಾಡಿದರು.
ಅಧಿಕಾರ ಮುದ್ರಿಸಲು ದಿನಗಳಲ್ಲಿ ನನ್ನನ್ನು ಮತ್ತು ಪ್ರಧಾನಿಯನ್ನು ಭೇಟಿಯಾದರು. ದಯವಿಟ್ಟು ಪ್ರತಿಕ್ರಿಯಿಸಬೇಡಿ ಎಂದು ಹೇಳಲು ಅವರು ಒತ್ತಾಯಿಸಿದರು. ಈ ವೇಳೆ ನಾನು ಇದು ಸರ್ಕಾರ ತೆಗೆದುಕೊಳ್ಳುವ ನಿರ್ಧಾರ ಎಂದು ಹೇಳಿದೆ. ಯಾವುದೇ ಅಧಿಕೃತ ರಹಸ್ಯವನ್ನು ಬಹಿರಂಗಪಡಿಸದೆ, ನಾವು ಪ್ರತೀಕಾರದ ಬಗ್ಗೆ ಕೆಲವು ಚರ್ಚೆ ಮಾಡಿದ್ದೇವೆ. ಇದು ನನ್ನ ಮನಸ್ಸಿನಲ್ಲಿ ದಾಟಿದೆ ಎಂದು ಚಿದಂಬರಂ ಅವರು ಹೇಳಿದ್ದಾರೆ. ಚಿದಂಬರಂ ಅವರ ಪ್ರಕಾರ, ಪ್ರಧಾನಿ ಮತ್ತು ಮುಖ್ಯವಾದ ಇತರರ ಸಂದರ್ಭದಲ್ಲಿ ಪ್ರತಿಕಾರದ ಬಗ್ಗೆ ಚರ್ಚಿಸಿದ್ದೆ.
ಎಂದು ತೀರ್ಮಾನವು ಹೆಚ್ಚಾಗಿ ವಿದೇಶಾಂಗ ವ್ಯವಹಾರಗಳ ಸಚಿವಾಲಯ ಮತ್ತು ಐಎಫ್ಎಸ್ ನಿಂದ ಪ್ರಭಾವಿತವಾಗಿತ್ತು ಎಂದು ಅವರು ಸ್ಮರಿಸಿದ್ದಾರೆ. 2008 ರ ನವೆಂಬರ್ 26 ರಂದು, ಲಷ್ಕರ್-ಎ-ತೊಯ್ಬಾಗೆ ಸೇರಿದ 10 ಪಾಕಿಸ್ತಾನಿ ಭಯೋತ್ಪಾದಕರ ಗುಂಪು ಛತ್ರಪತಿ ಶಿವಾಜಿ ಮಹಾರಾಜ್ ಟರ್ಮಿನಸ್ ರೈಲು ನಿಲ್ದಾಣದ ಮೇಲೆ ದಾಳಿ ನಡೆಸಿತು. ಒಬೆರಾಯ್ ಟ್ರೈಡೆಂಟ್, ತಾಜ್ ಮಹಲ್ ಪ್ಯಾಲೇಸ್ ಮತ್ತು ಟವರ್ ಹೋಟೆಲ್, ಲಿಯೋಪೋಲ್ಡ್ ಕೆಫೆ, ಕಾಮಾ ಆಸ್ಪತ್ರೆ ಮತ್ತು ನಾರಿಮನ್ ಹೌಸ್ ಸಹ ಗುರಿಯಾಗಿದ್ದವು. ಈ ದಾಳಿಯಲ್ಲಿ 175 ಜನರು ಮೃತಪಟ್ಟಿದ್ದರು.
ಟ್ರಂಪ್ ಪ್ರಸ್ತಾಪಕ್ಕೆ ಮುಸ್ಲಿಂ ದೇಶಗಳ ಬೆಂಬಲ
ವಾಷಿಂಗ್ಟನ್, ಸೆ.30: ಪಾಕಿಸ್ತಾನ, ಈಜಿಪ್ಟ್ ಮತ್ತು ಟರ್ಕಿ ಸೇರಿದಂತೆ ಎಂಟು ಪ್ರಮುಖ ಮುಸ್ಲಿಂ ಬಹುಸಂಖ್ಯಾತ ರಾಷ್ಟ್ರಗಳು ಮಂಗಳವಾರ ಗಾಜಾದಲ್ಲಿ ಯುದ್ಧವನ್ನು ಕೊನೆಗೊಳಿಸಲು ಅಮೆರಿಕ ಅಧ್ಯಕ್ಷ ಡೊನಾಲ್ಡ್ ಟ್ರಂಪ್ ಮಂಡಿಸಿದ ಯೋಜನೆಗೆ ಬೆಂಬಲ ವ್ಯಕ್ತಪಡಿಸಿವೆ. ಯುನೈಟೆಡ್ ಅರಬ್ ಎಮಿರೇಟ್ಸ್, ಸೌದಿ ಅರೇಬಿಯಾ, ಕತಾರ್, ಈಜಿಪ್ಟ್, ಜೋರ್ಡಾನ್, ಟರ್ಕಿ, ಇಂಡೋನೇಷ್ಯಾ, ಪಾಕಿಸ್ತಾನ ಮತ್ತು ಟರ್ಕಿಯ ವಿದೇಶಾಂಗ ಮಂತ್ರಿಗಳು ಜಂಟಿ ಹೇಳಿಕೆಯಲ್ಲಿ ಗಾಜಾ ಸಂಘರ್ಷವನ್ನು ಕೊನೆಗೊಳಿಸುವ ಪ್ರಯತ್ನಗಳನ್ನು ಸ್ವಾಗತಿಸಿದ್ದಾರೆ. ಗಾಜಾದಲ್ಲಿ ಯುದ್ಧವನ್ನು ಕೊನೆಗೊಳಿಸಲು ಟ್ರಂಪ್ ಅವರ ನಾಯಕತ್ವ ಮತ್ತು ಪ್ರಾಮಾಣಿಕ ಪ್ರಯತ್ನಗಳನ್ನು ಸ್ವಾಗತಿಸುತ್ತೇವೆ ಮತ್ತು ಶಾಂತಿಯ ಮಾರ್ಗವನ್ನು ಕಂಡುಕೊಳ್ಳುವ ಅವರ ಸಾಮರ್ಥ್ಯದ ಬಗ್ಗೆ ತಮ್ಮ ವಿಶ್ವಾಸವನ್ನು
ಪ್ರತಿಪಾದಿಸಿವೆ. ಸಂಘರ್ಷವನ್ನು ಕೊನೆಗೊಳಿಸಲು ಸಮಗ್ರ ಯೋಜನೆಯನ್ನು ಘೋಷಣೆಯನ್ನು ಸ್ವಾಗತಿಸಿವೆ. ಸಂಘರ್ಷವನ್ನು ಕೊನೆಗೊಳಿಸಲು, ಗಾಜಾವನ್ನು ಪುನರ್ನಿರ್ಮಿಸಲು ಮತ್ತು ಮಧ್ಯಪ್ರಾಚ್ಯದಲ್ಲಿ ಶಾಂತಿಯನ್ನು ಮುನ್ನಡೆಸಲು ಸಮಗ್ರ ಯೋಜನೆಯ ಅಮೆರಿಕ ಅಧ್ಯಕ್ಷರ ಘೋಷಣೆಯನ್ನು ಸಚಿವರು ಸ್ವಾಗತಿಸಿದರು. ಪಶ್ಚಿಮ ದಂಡೆಯನ್ನು ಇಸ್ರೇಲ್ ಸ್ವಾಧೀನಪಡಿಸಿಕೊಳ್ಳಲು ಅನುಮತಿಸುವುದಿಲ್ಲ ಎಂಬ ಅವರ ಘೋಷಣೆಯನ್ನು ಅವರು ಶ್ಲಾಘಿಸಿದರು. ಈ ಸಕಾರಾತ್ಮಕ ಬೆಳವಣಿಗೆಯನ್ನು ಮತ್ತಷ್ಟು ಮುನ್ನಡೆಸಲು ಎಲ್ಲಾ ಪಕ್ಷಗಳು ಸಹಕರಿಸಬೇಕು ಎಂದು ಹೇಳಿದ್ದಾರೆ. ಶಾಂತಿ ಸ್ಥಾಪನೆ ಮತ್ತು ಸಮೃದ್ಧಿಗೆ ಇದು ಮಹತ್ವದ ಹೆಜ್ಜೆ ಎಂದು ಹೇಳಿದ್ದಾರೆ.
